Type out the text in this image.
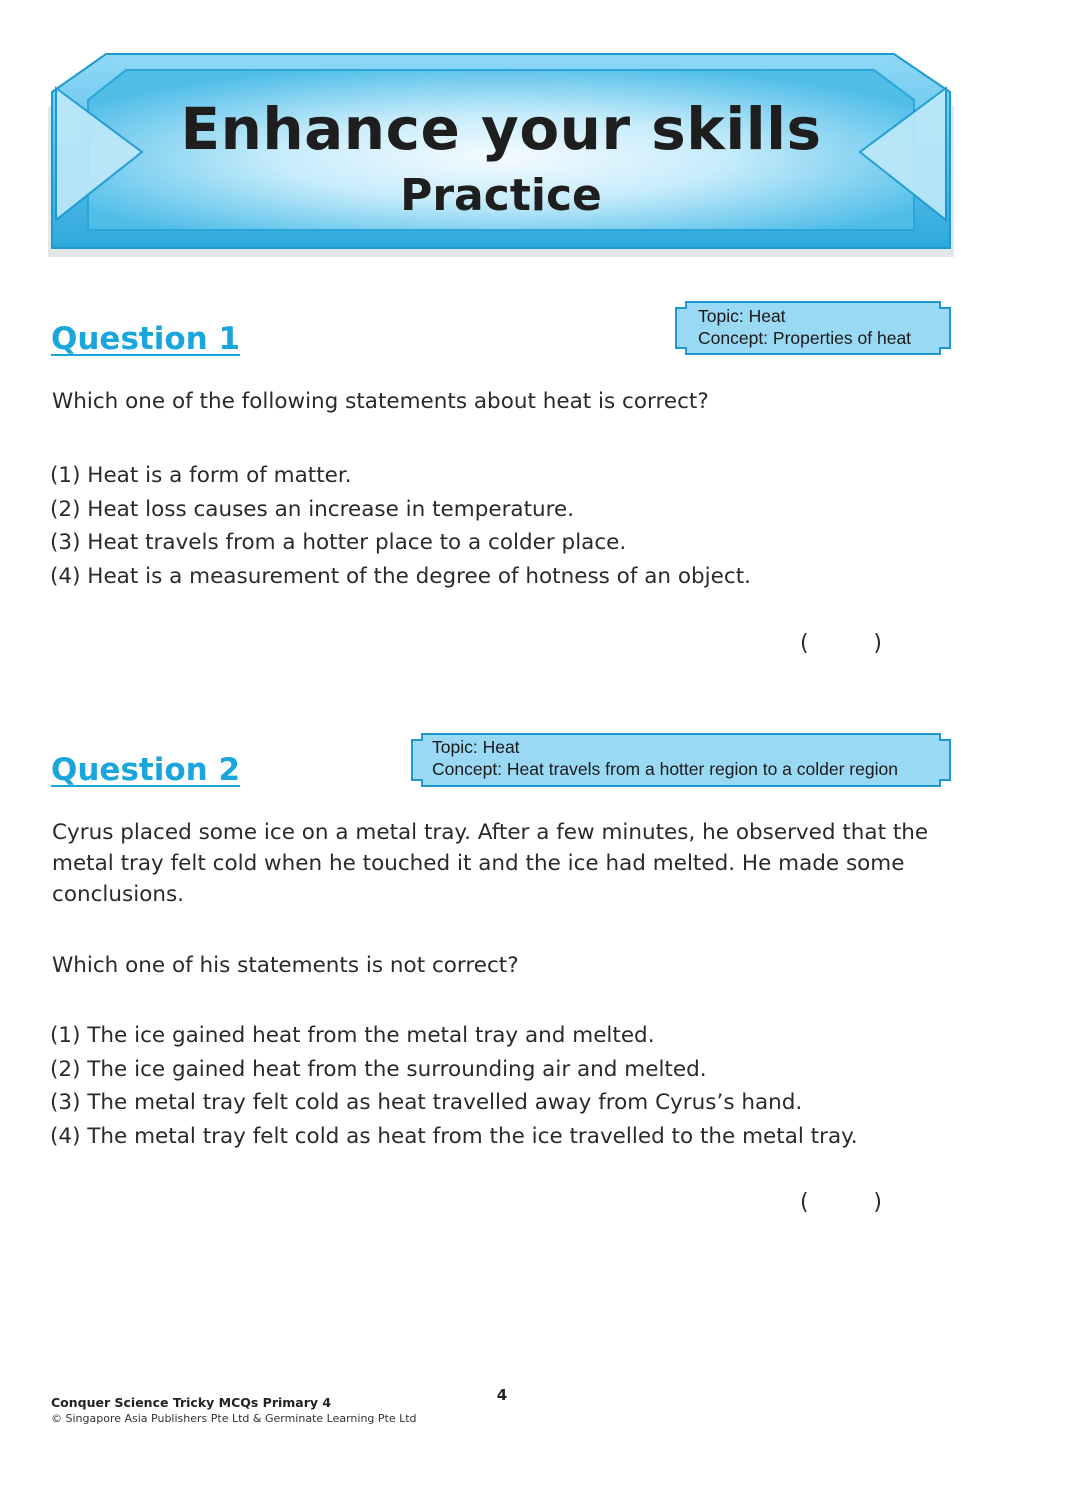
Enhance your skills
Practice
Question 1
Topic: Heat
Concept: Properties of heat

Which one of the following statements about heat is correct?

(1) Heat is a form of matter.
(2) Heat loss causes an increase in temperature.
(3) Heat travels from a hotter place to a colder place.
(4) Heat is a measurement of the degree of hotness of an object.
(	)
Question 2
Topic: Heat
Concept: Heat travels from a hotter region to a colder region

Cyrus placed some ice on a metal tray. After a few minutes, he observed that the metal tray felt cold when he touched it and the ice had melted. He made some conclusions.

Which one of his statements is not correct?

(1) The ice gained heat from the metal tray and melted.
(2) The ice gained heat from the surrounding air and melted.
(3) The metal tray felt cold as heat travelled away from Cyrus’s hand.
(4) The metal tray felt cold as heat from the ice travelled to the metal tray.
(	)
4
Conquer Science Tricky MCQs Primary 4
© Singapore Asia Publishers Pte Ltd & Germinate Learning Pte Ltd
